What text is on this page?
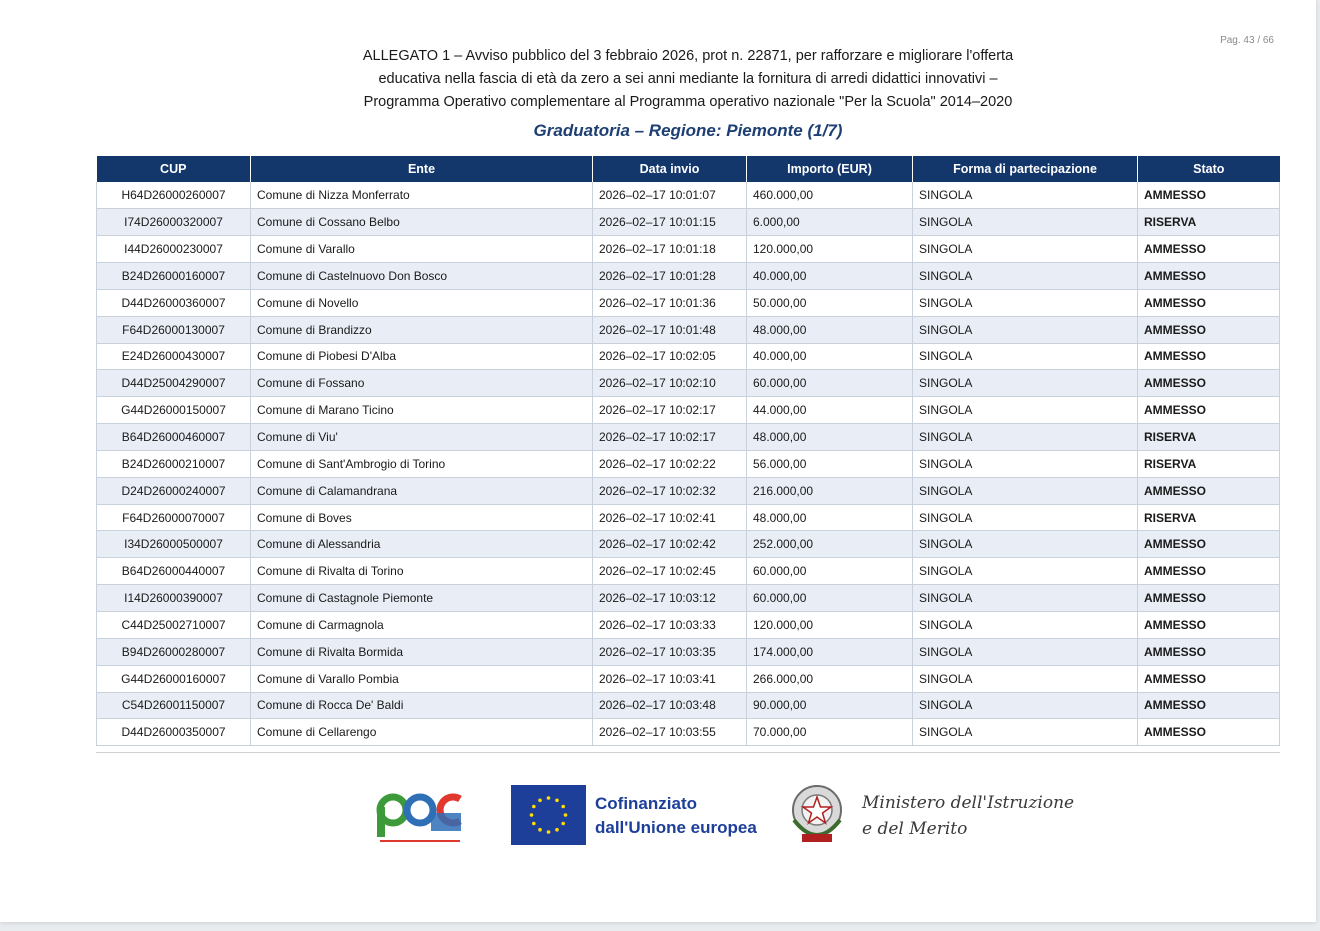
Pag. 43 / 66
ALLEGATO 1 – Avviso pubblico del 3 febbraio 2026, prot n. 22871, per rafforzare e migliorare l'offerta
educativa nella fascia di età da zero a sei anni mediante la fornitura di arredi didattici innovativi –
Programma Operativo complementare al Programma operativo nazionale "Per la Scuola" 2014–2020
Graduatoria – Regione: Piemonte (1/7)
CUP	Ente	Data invio	Importo (EUR)	Forma di partecipazione	Stato
H64D26000260007	Comune di Nizza Monferrato	2026–02–17 10:01:07	460.000,00	SINGOLA	AMMESSO
I74D26000320007	Comune di Cossano Belbo	2026–02–17 10:01:15	6.000,00	SINGOLA	RISERVA
I44D26000230007	Comune di Varallo	2026–02–17 10:01:18	120.000,00	SINGOLA	AMMESSO
B24D26000160007	Comune di Castelnuovo Don Bosco	2026–02–17 10:01:28	40.000,00	SINGOLA	AMMESSO
D44D26000360007	Comune di Novello	2026–02–17 10:01:36	50.000,00	SINGOLA	AMMESSO
F64D26000130007	Comune di Brandizzo	2026–02–17 10:01:48	48.000,00	SINGOLA	AMMESSO
E24D26000430007	Comune di Piobesi D'Alba	2026–02–17 10:02:05	40.000,00	SINGOLA	AMMESSO
D44D25004290007	Comune di Fossano	2026–02–17 10:02:10	60.000,00	SINGOLA	AMMESSO
G44D26000150007	Comune di Marano Ticino	2026–02–17 10:02:17	44.000,00	SINGOLA	AMMESSO
B64D26000460007	Comune di Viu'	2026–02–17 10:02:17	48.000,00	SINGOLA	RISERVA
B24D26000210007	Comune di Sant'Ambrogio di Torino	2026–02–17 10:02:22	56.000,00	SINGOLA	RISERVA
D24D26000240007	Comune di Calamandrana	2026–02–17 10:02:32	216.000,00	SINGOLA	AMMESSO
F64D26000070007	Comune di Boves	2026–02–17 10:02:41	48.000,00	SINGOLA	RISERVA
I34D26000500007	Comune di Alessandria	2026–02–17 10:02:42	252.000,00	SINGOLA	AMMESSO
B64D26000440007	Comune di Rivalta di Torino	2026–02–17 10:02:45	60.000,00	SINGOLA	AMMESSO
I14D26000390007	Comune di Castagnole Piemonte	2026–02–17 10:03:12	60.000,00	SINGOLA	AMMESSO
C44D25002710007	Comune di Carmagnola	2026–02–17 10:03:33	120.000,00	SINGOLA	AMMESSO
B94D26000280007	Comune di Rivalta Bormida	2026–02–17 10:03:35	174.000,00	SINGOLA	AMMESSO
G44D26000160007	Comune di Varallo Pombia	2026–02–17 10:03:41	266.000,00	SINGOLA	AMMESSO
C54D26001150007	Comune di Rocca De' Baldi	2026–02–17 10:03:48	90.000,00	SINGOLA	AMMESSO
D44D26000350007	Comune di Cellarengo	2026–02–17 10:03:55	70.000,00	SINGOLA	AMMESSO
Cofinanziato
dall'Unione europea
Ministero dell'Istruzione
e del Merito
